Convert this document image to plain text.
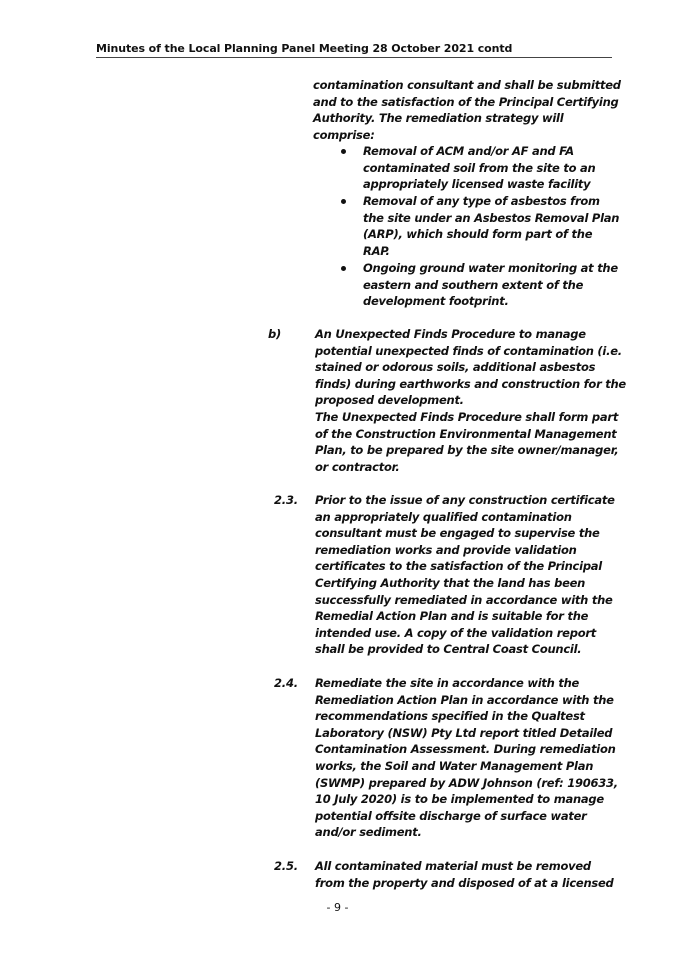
Minutes of the Local Planning Panel Meeting 28 October 2021 contd
contamination consultant and shall be submitted
and to the satisfaction of the Principal Certifying
Authority. The remediation strategy will
comprise:
Removal of ACM and/or AF and FA
contaminated soil from the site to an
appropriately licensed waste facility
Removal of any type of asbestos from
the site under an Asbestos Removal Plan
(ARP), which should form part of the
RAP.
Ongoing ground water monitoring at the
eastern and southern extent of the
development footprint.
b)	An Unexpected Finds Procedure to manage
potential unexpected finds of contamination (i.e.
stained or odorous soils, additional asbestos
finds) during earthworks and construction for the
proposed development.
The Unexpected Finds Procedure shall form part
of the Construction Environmental Management
Plan, to be prepared by the site owner/manager,
or contractor.
2.3. Prior to the issue of any construction certificate
an appropriately qualified contamination
consultant must be engaged to supervise the
remediation works and provide validation
certificates to the satisfaction of the Principal
Certifying Authority that the land has been
successfully remediated in accordance with the
Remedial Action Plan and is suitable for the
intended use. A copy of the validation report
shall be provided to Central Coast Council.
2.4. Remediate the site in accordance with the
Remediation Action Plan in accordance with the
recommendations specified in the Qualtest
Laboratory (NSW) Pty Ltd report titled Detailed
Contamination Assessment. During remediation
works, the Soil and Water Management Plan
(SWMP) prepared by ADW Johnson (ref: 190633,
10 July 2020) is to be implemented to manage
potential offsite discharge of surface water
and/or sediment.
2.5. All contaminated material must be removed
from the property and disposed of at a licensed
- 9 -
